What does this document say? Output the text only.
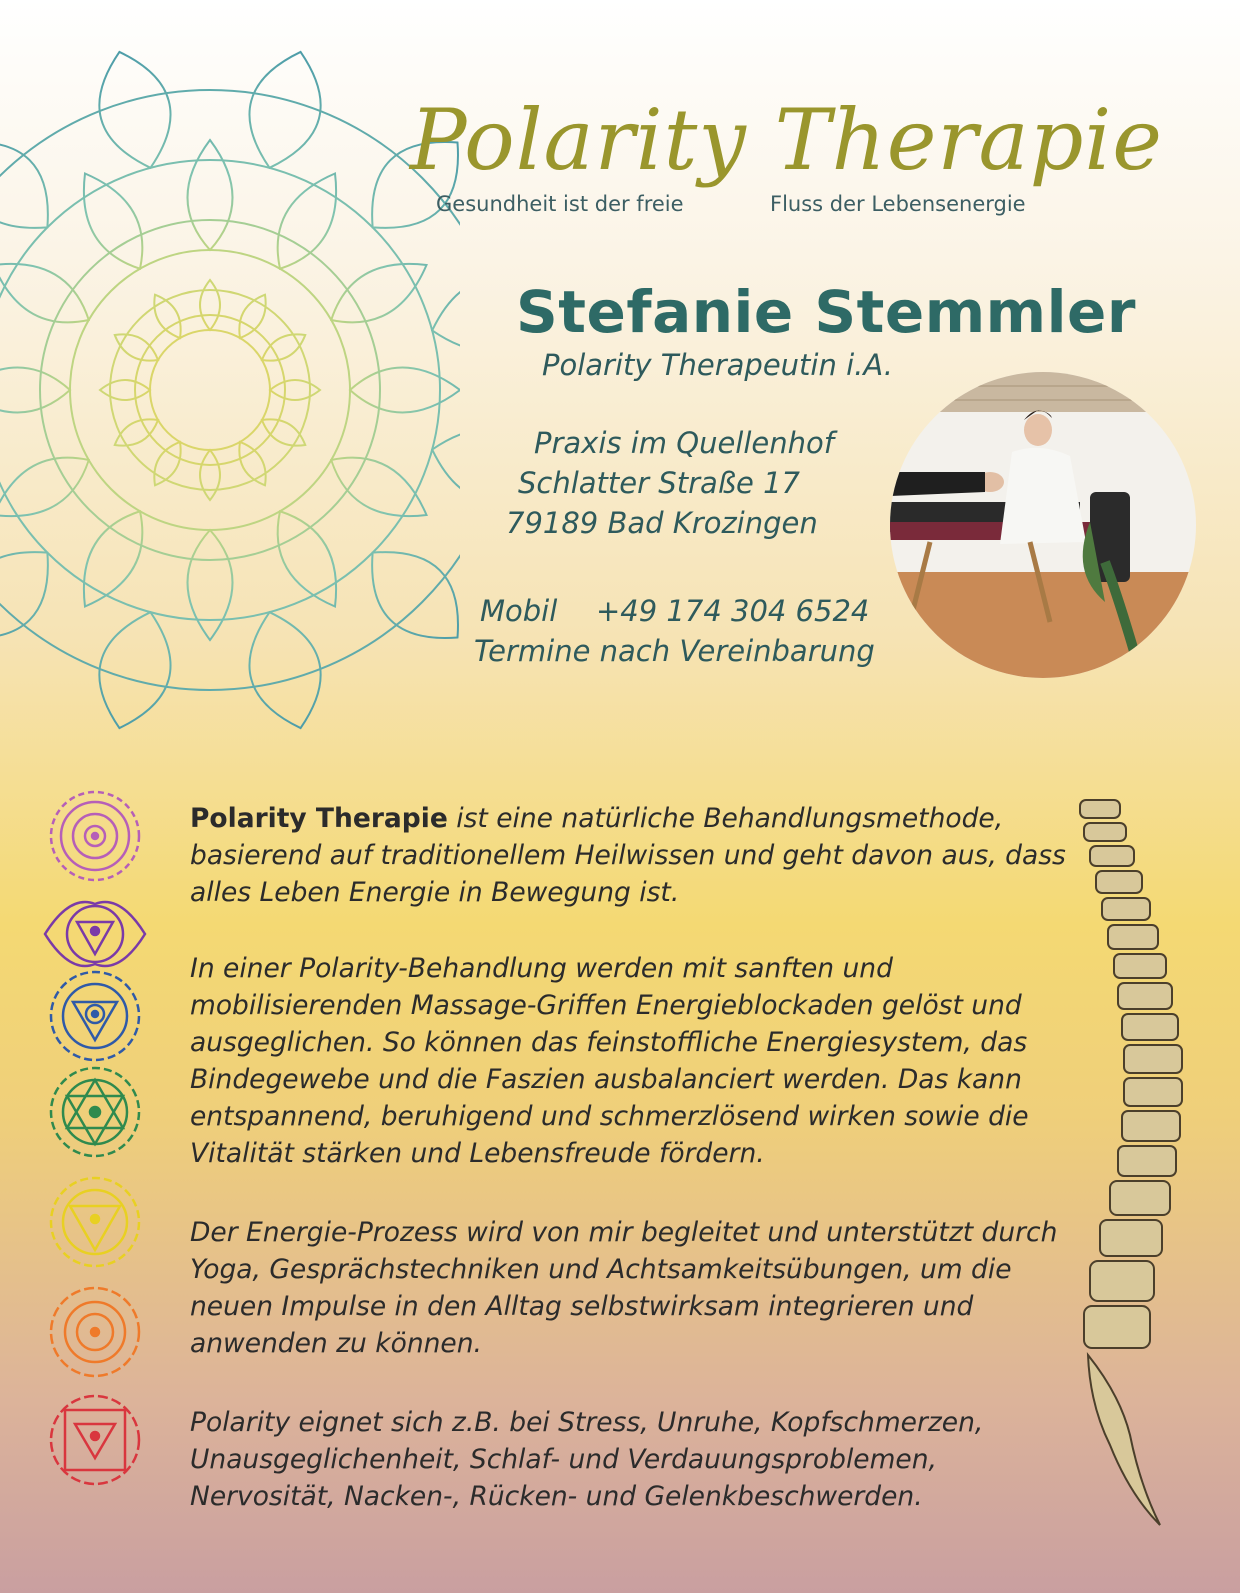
Polarity Therapie
Gesundheit ist der freie	Fluss der Lebensenergie
Stefanie Stemmler
Polarity Therapeutin i.A.
Praxis im Quellenhof
Schlatter Straße 17
79189 Bad Krozingen
Mobil +49 174 304 6524
Termine nach Vereinbarung
Polarity Therapie ist eine natürliche Behandlungsmethode, basierend auf traditionellem Heilwissen und geht davon aus, dass alles Leben Energie in Bewegung ist.
In einer Polarity-Behandlung werden mit sanften und mobilisierenden Massage-Griffen Energieblockaden gelöst und ausgeglichen. So können das feinstoffliche Energiesystem, das Bindegewebe und die Faszien ausbalanciert werden. Das kann entspannend, beruhigend und schmerzlösend wirken sowie die Vitalität stärken und Lebensfreude fördern.
Der Energie-Prozess wird von mir begleitet und unterstützt durch Yoga, Gesprächstechniken und Achtsamkeitsübungen, um die neuen Impulse in den Alltag selbstwirksam integrieren und anwenden zu können.
Polarity eignet sich z.B. bei Stress, Unruhe, Kopfschmerzen, Unausgeglichenheit, Schlaf- und Verdauungsproblemen, Nervosität, Nacken-, Rücken- und Gelenkbeschwerden.
